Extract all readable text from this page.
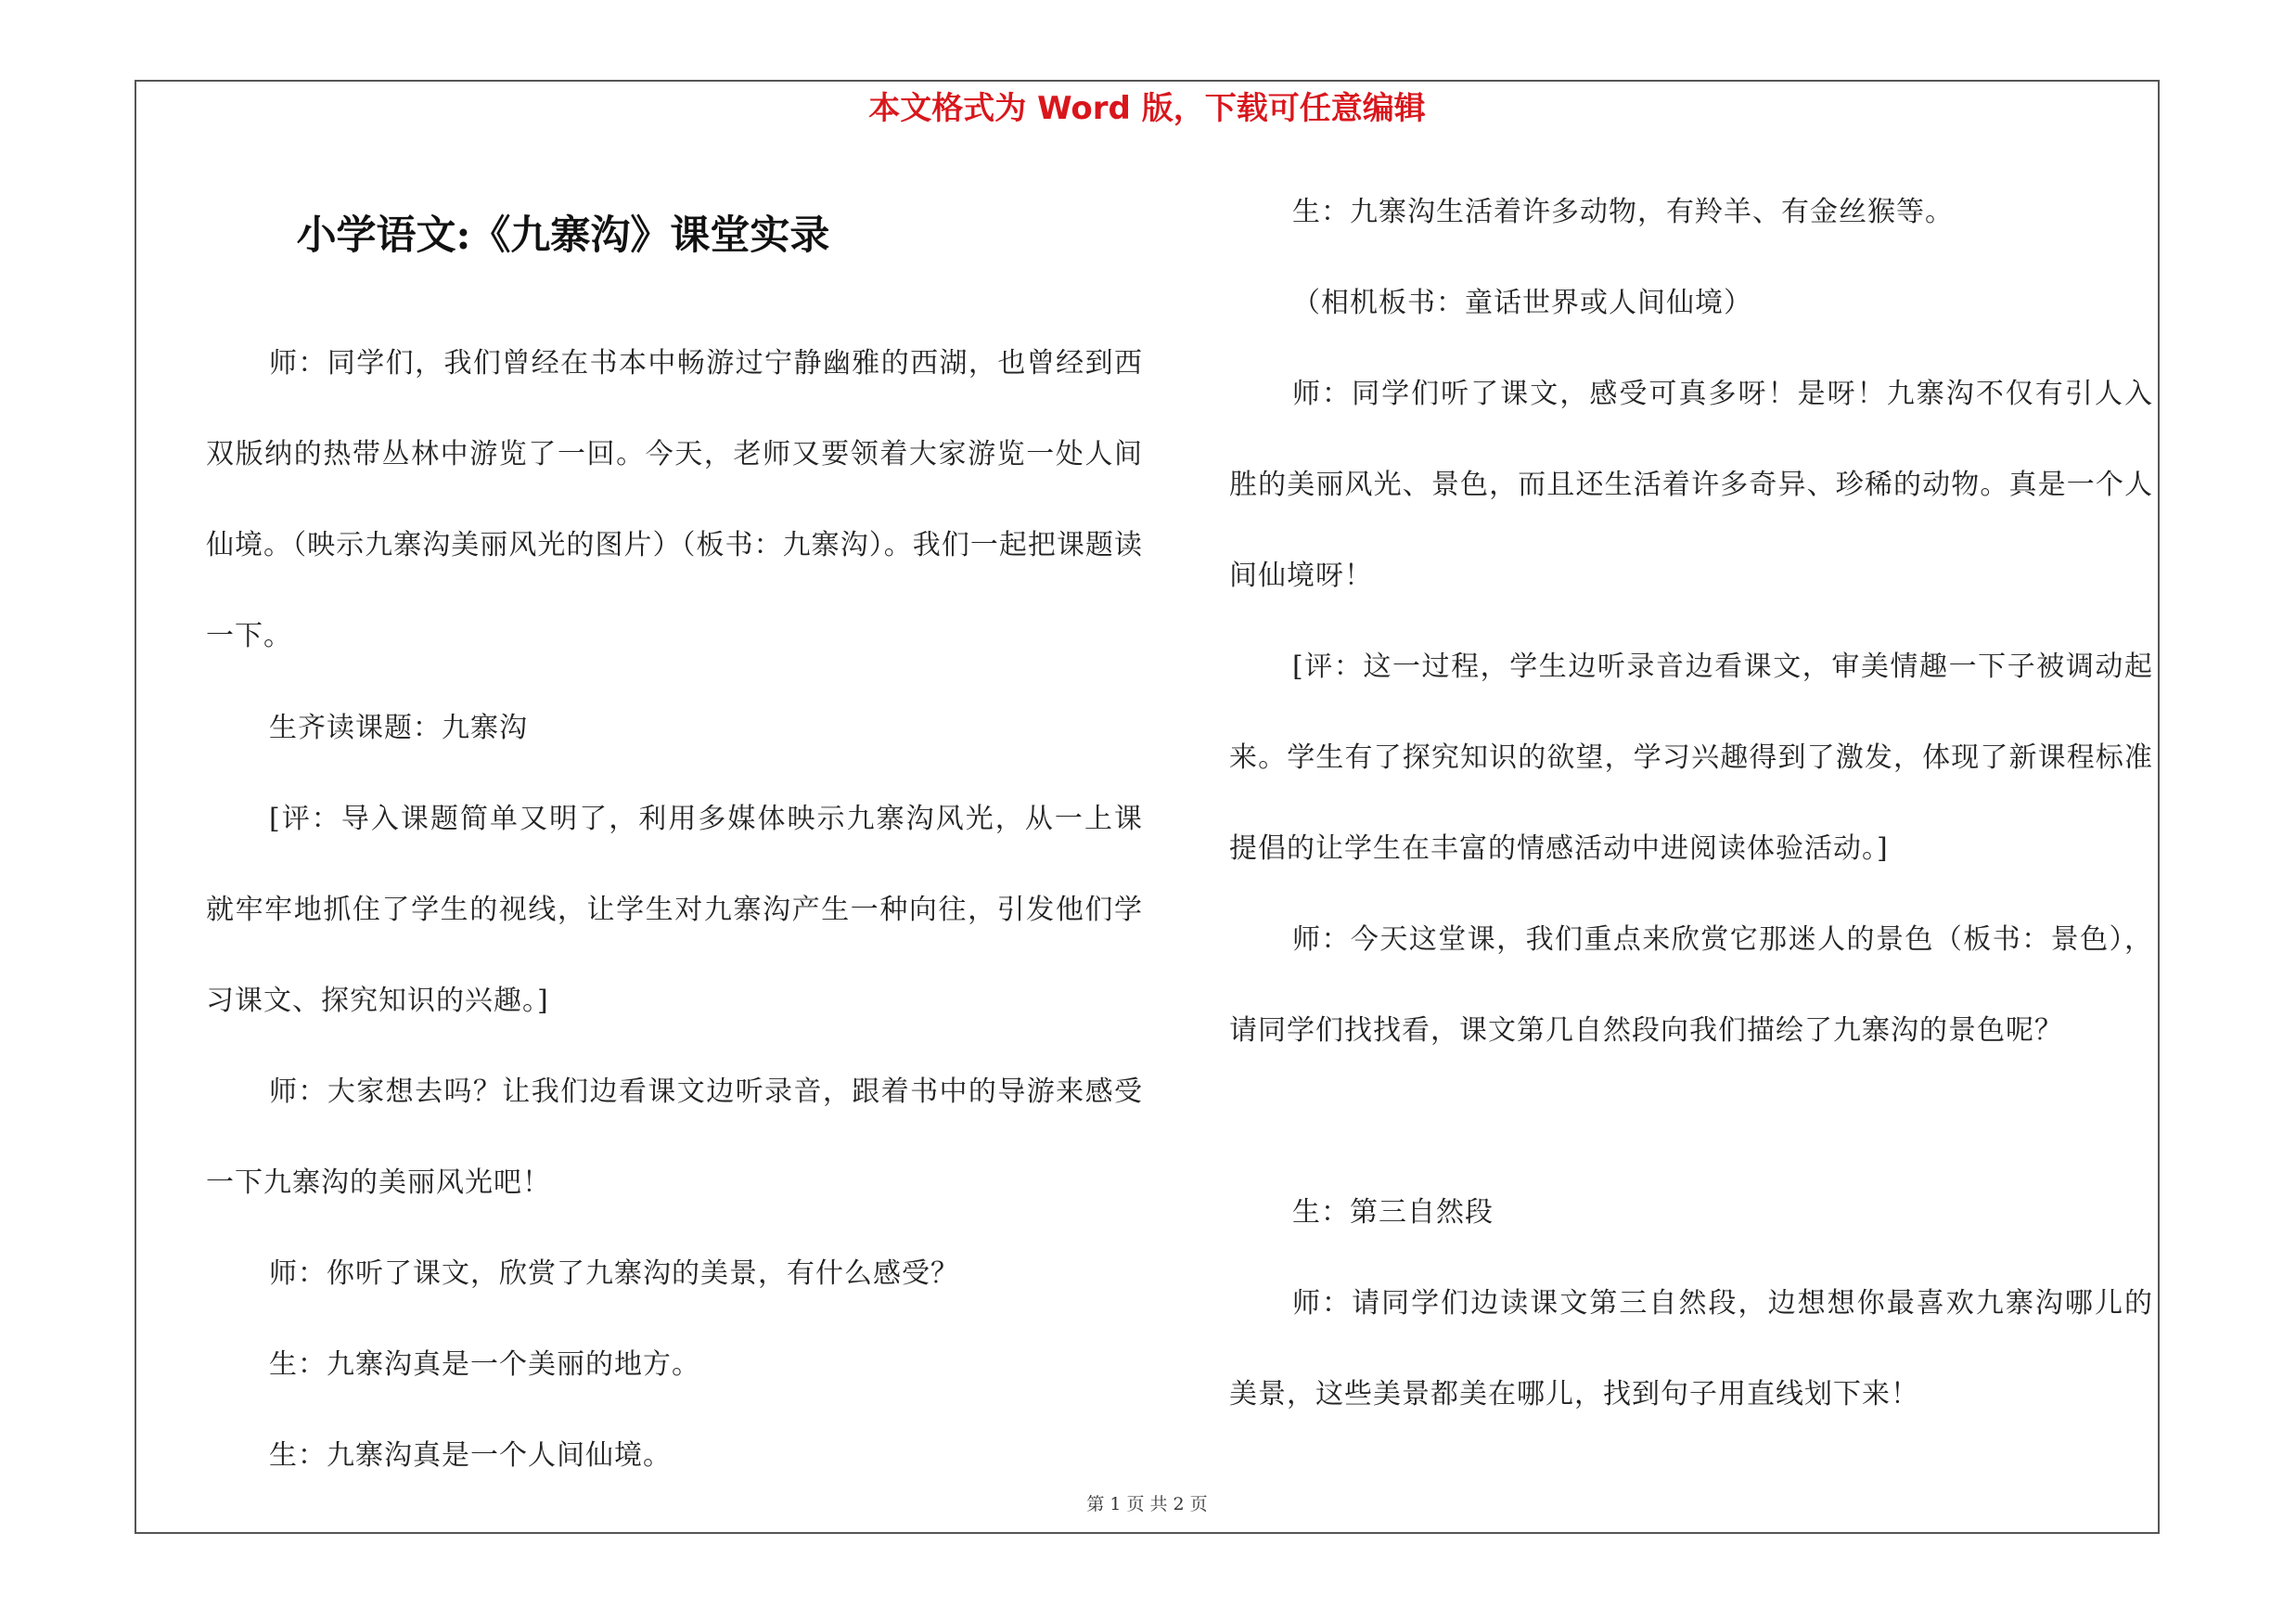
本文格式为 Word 版，下载可任意编辑
小学语文:《九寨沟》课堂实录
师：同学们，我们曾经在书本中畅游过宁静幽雅的西湖，也曾经到西双版纳的热带丛林中游览了一回。今天，老师又要领着大家游览一处人间仙境。（映示九寨沟美丽风光的图片）（板书：九寨沟）。我们一起把课题读一下。
生齐读课题：九寨沟
[评：导入课题简单又明了，利用多媒体映示九寨沟风光，从一上课就牢牢地抓住了学生的视线，让学生对九寨沟产生一种向往，引发他们学习课文、探究知识的兴趣。]
师：大家想去吗？让我们边看课文边听录音，跟着书中的导游来感受一下九寨沟的美丽风光吧！
师：你听了课文，欣赏了九寨沟的美景，有什么感受？
生：九寨沟真是一个美丽的地方。
生：九寨沟真是一个人间仙境。
生：九寨沟生活着许多动物，有羚羊、有金丝猴等。
（相机板书：童话世界或人间仙境）
师：同学们听了课文，感受可真多呀！是呀！九寨沟不仅有引人入胜的美丽风光、景色，而且还生活着许多奇异、珍稀的动物。真是一个人间仙境呀！
[评：这一过程，学生边听录音边看课文，审美情趣一下子被调动起来。学生有了探究知识的欲望，学习兴趣得到了激发，体现了新课程标准提倡的让学生在丰富的情感活动中进阅读体验活动。]
师：今天这堂课，我们重点来欣赏它那迷人的景色（板书：景色），请同学们找找看，课文第几自然段向我们描绘了九寨沟的景色呢？
生：第三自然段
师：请同学们边读课文第三自然段，边想想你最喜欢九寨沟哪儿的美景，这些美景都美在哪儿，找到句子用直线划下来！
第 1 页 共 2 页
